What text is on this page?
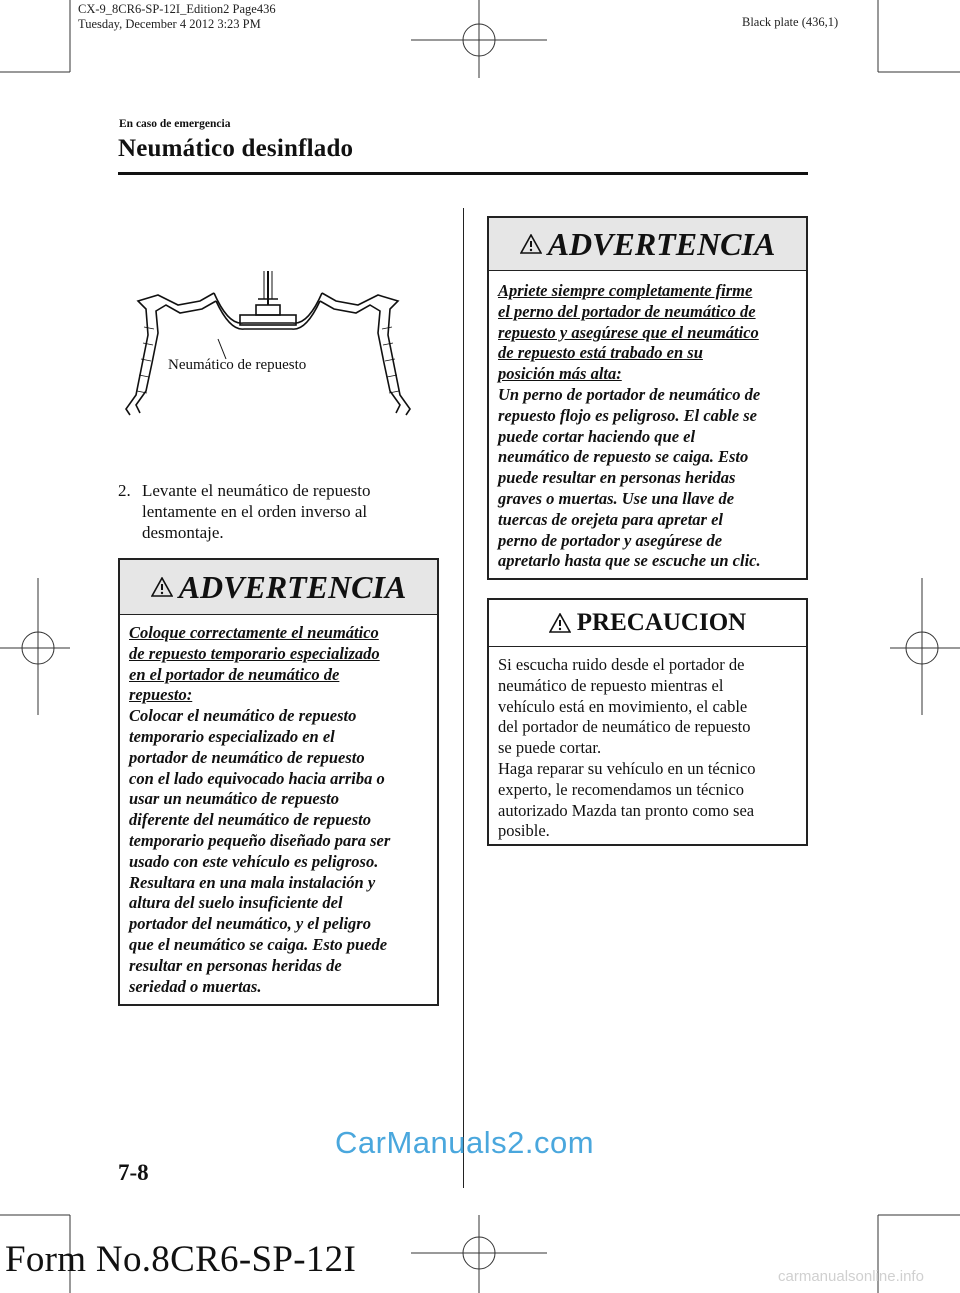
CX-9_8CR6-SP-12I_Edition2 Page436
Tuesday, December 4 2012 3:23 PM	Black plate (436,1)
En caso de emergencia
Neumático desinflado
Neumático de repuesto
2. Levante el neumático de repuesto
lentamente en el orden inverso al
desmontaje.
ADVERTENCIA
Coloque correctamente el neumático
de repuesto temporario especializado
en el portador de neumático de
repuesto:
Colocar el neumático de repuesto
temporario especializado en el
portador de neumático de repuesto
con el lado equivocado hacia arriba o
usar un neumático de repuesto
diferente del neumático de repuesto
temporario pequeño diseñado para ser
usado con este vehículo es peligroso.
Resultara en una mala instalación y
altura del suelo insuficiente del
portador del neumático, y el peligro
que el neumático se caiga. Esto puede
resultar en personas heridas de
seriedad o muertas.
ADVERTENCIA
Apriete siempre completamente firme
el perno del portador de neumático de
repuesto y asegúrese que el neumático
de repuesto está trabado en su
posición más alta:
Un perno de portador de neumático de
repuesto flojo es peligroso. El cable se
puede cortar haciendo que el
neumático de repuesto se caiga. Esto
puede resultar en personas heridas
graves o muertas. Use una llave de
tuercas de orejeta para apretar el
perno de portador y asegúrese de
apretarlo hasta que se escuche un clic.
PRECAUCION
Si escucha ruido desde el portador de
neumático de repuesto mientras el
vehículo está en movimiento, el cable
del portador de neumático de repuesto
se puede cortar.
Haga reparar su vehículo en un técnico
experto, le recomendamos un técnico
autorizado Mazda tan pronto como sea
posible.
CarManuals2.com
7-8
Form No.8CR6-SP-12I	carmanualsonline.info
